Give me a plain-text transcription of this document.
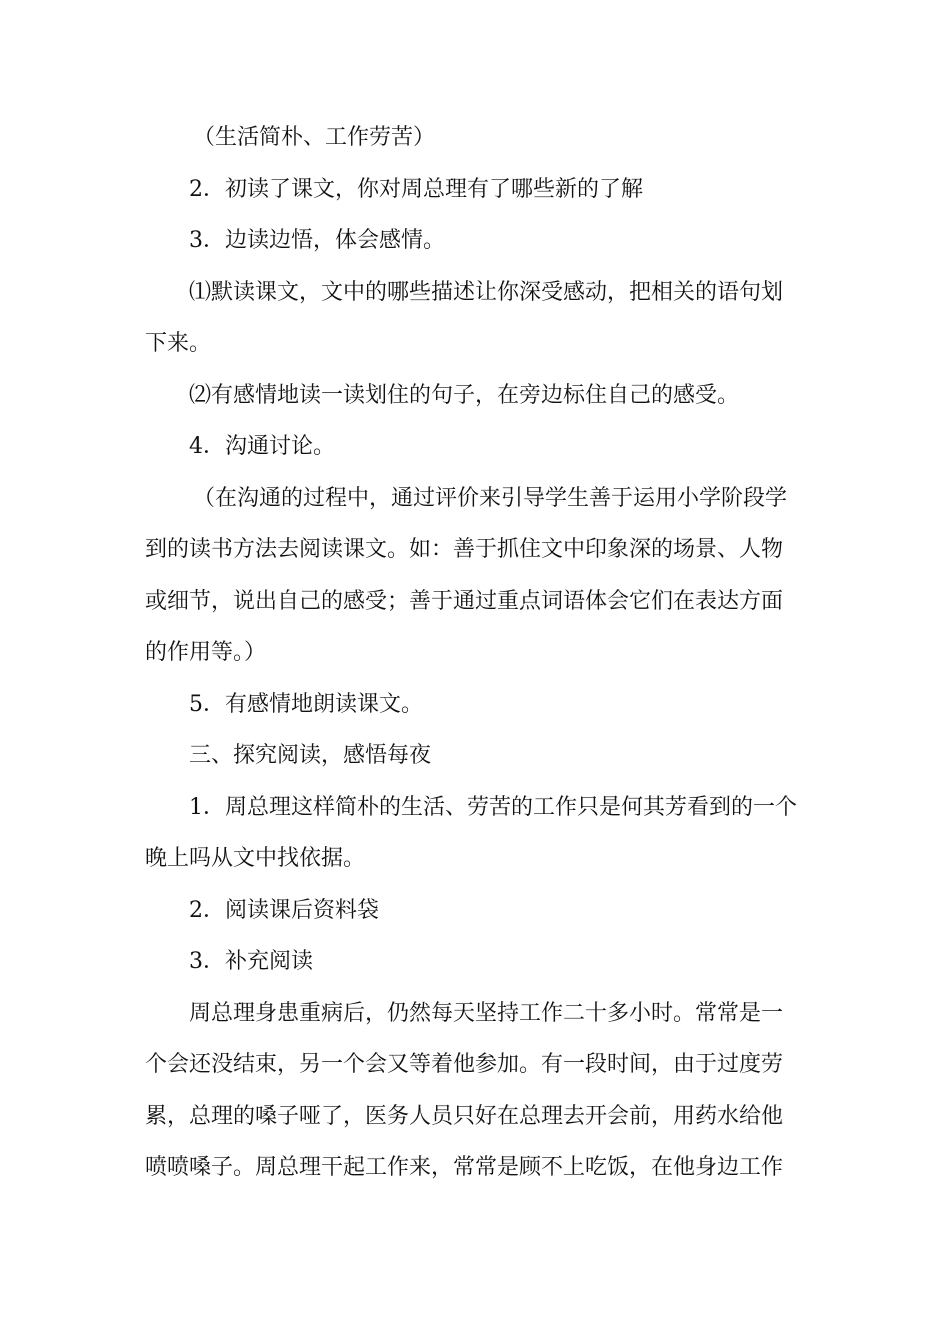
（生活简朴、工作劳苦）

2．初读了课文，你对周总理有了哪些新的了解

3．边读边悟，体会感情。

⑴默读课文，文中的哪些描述让你深受感动，把相关的语句划

下来。

⑵有感情地读一读划住的句子，在旁边标住自己的感受。

4．沟通讨论。

（在沟通的过程中，通过评价来引导学生善于运用小学阶段学

到的读书方法去阅读课文。如：善于抓住文中印象深的场景、人物

或细节，说出自己的感受；善于通过重点词语体会它们在表达方面

的作用等。）

5．有感情地朗读课文。

三、探究阅读，感悟每夜

1．周总理这样简朴的生活、劳苦的工作只是何其芳看到的一个

晚上吗从文中找依据。

2．阅读课后资料袋

3．补充阅读

周总理身患重病后，仍然每天坚持工作二十多小时。常常是一

个会还没结束，另一个会又等着他参加。有一段时间，由于过度劳

累，总理的嗓子哑了，医务人员只好在总理去开会前，用药水给他

喷喷嗓子。周总理干起工作来，常常是顾不上吃饭，在他身边工作
